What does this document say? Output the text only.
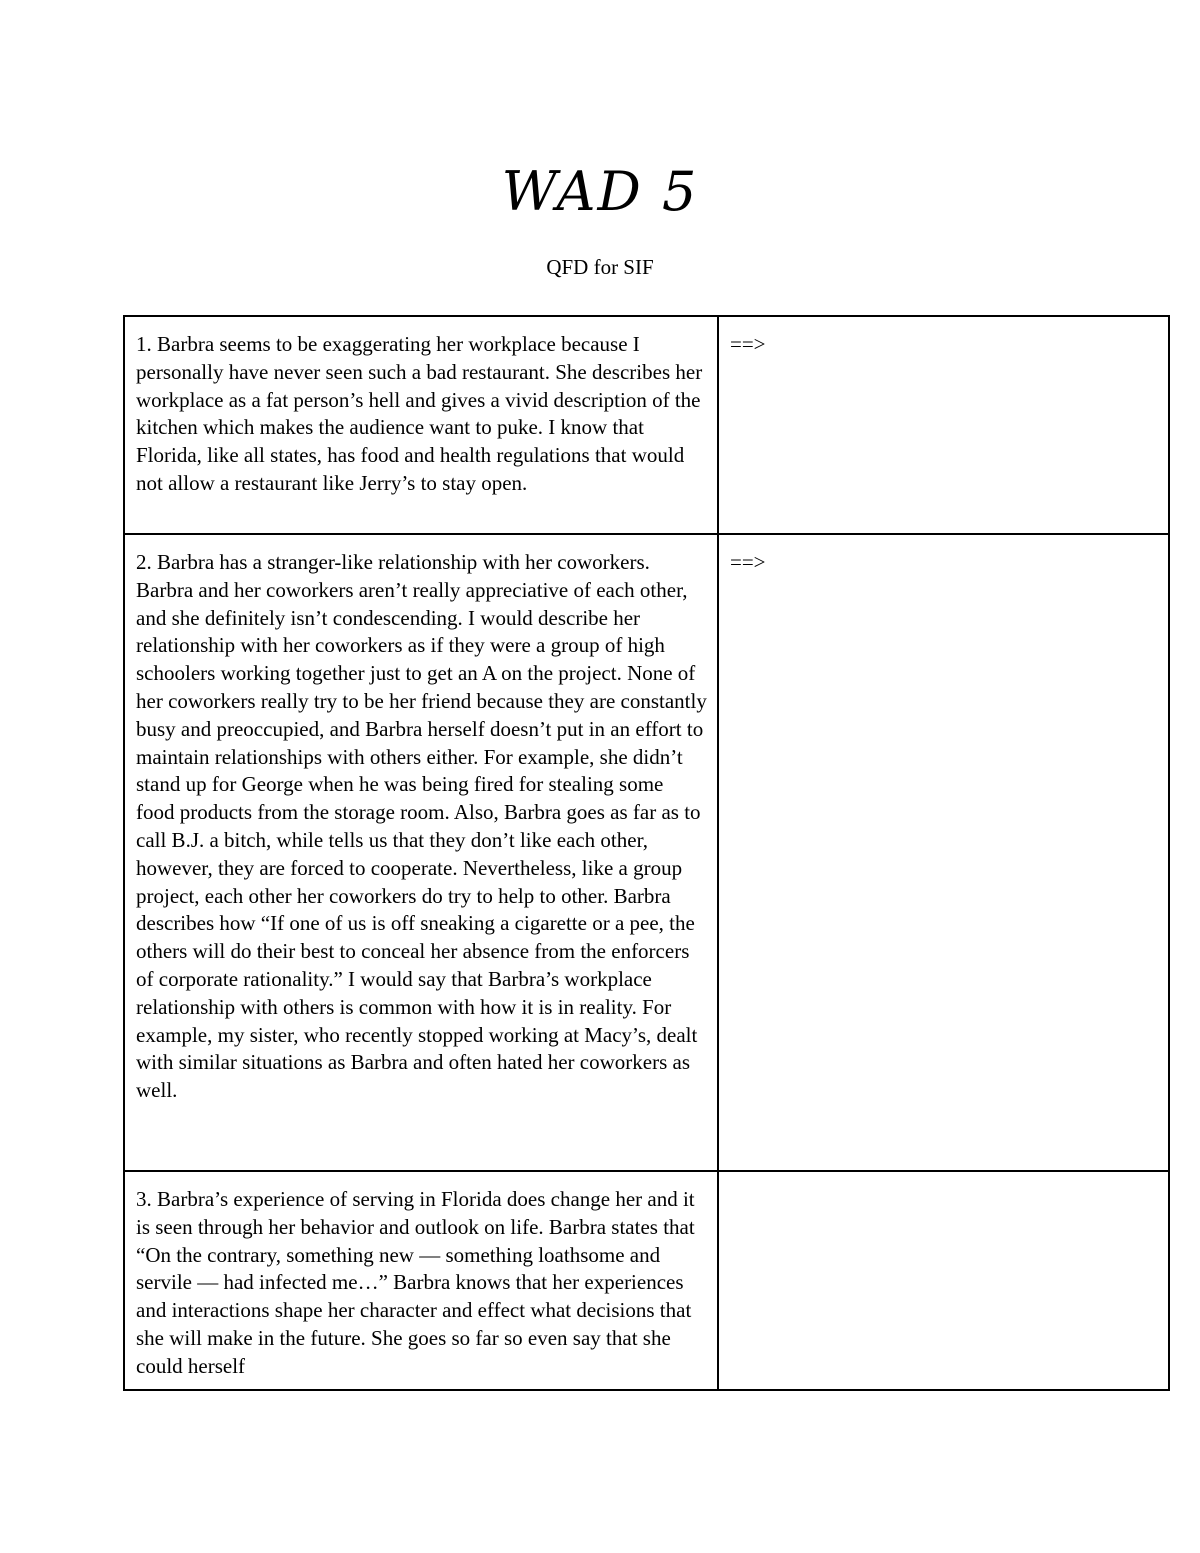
WAD 5

QFD for SIF

1. Barbra seems to be exaggerating her workplace because I personally have never seen such a bad restaurant. She describes her workplace as a fat person’s hell and gives a vivid description of the kitchen which makes the audience want to puke. I know that Florida, like all states, has food and health regulations that would not allow a restaurant like Jerry’s to stay open.	==>
2. Barbra has a stranger-like relationship with her coworkers. Barbra and her coworkers aren’t really appreciative of each other, and she definitely isn’t condescending. I would describe her relationship with her coworkers as if they were a group of high schoolers working together just to get an A on the project. None of her coworkers really try to be her friend because they are constantly busy and preoccupied, and Barbra herself doesn’t put in an effort to maintain relationships with others either. For example, she didn’t stand up for George when he was being fired for stealing some food products from the storage room. Also, Barbra goes as far as to call B.J. a bitch, while tells us that they don’t like each other, however, they are forced to cooperate. Nevertheless, like a group project, each other her coworkers do try to help to other. Barbra describes how “If one of us is off sneaking a cigarette or a pee, the others will do their best to conceal her absence from the enforcers of corporate rationality.” I would say that Barbra’s workplace relationship with others is common with how it is in reality. For example, my sister, who recently stopped working at Macy’s, dealt with similar situations as Barbra and often hated her coworkers as well.	==>
3. Barbra’s experience of serving in Florida does change her and it is seen through her behavior and outlook on life. Barbra states that “On the contrary, something new — something loathsome and servile — had infected me…” Barbra knows that her experiences and interactions shape her character and effect what decisions that she will make in the future. She goes so far so even say that she could herself	
